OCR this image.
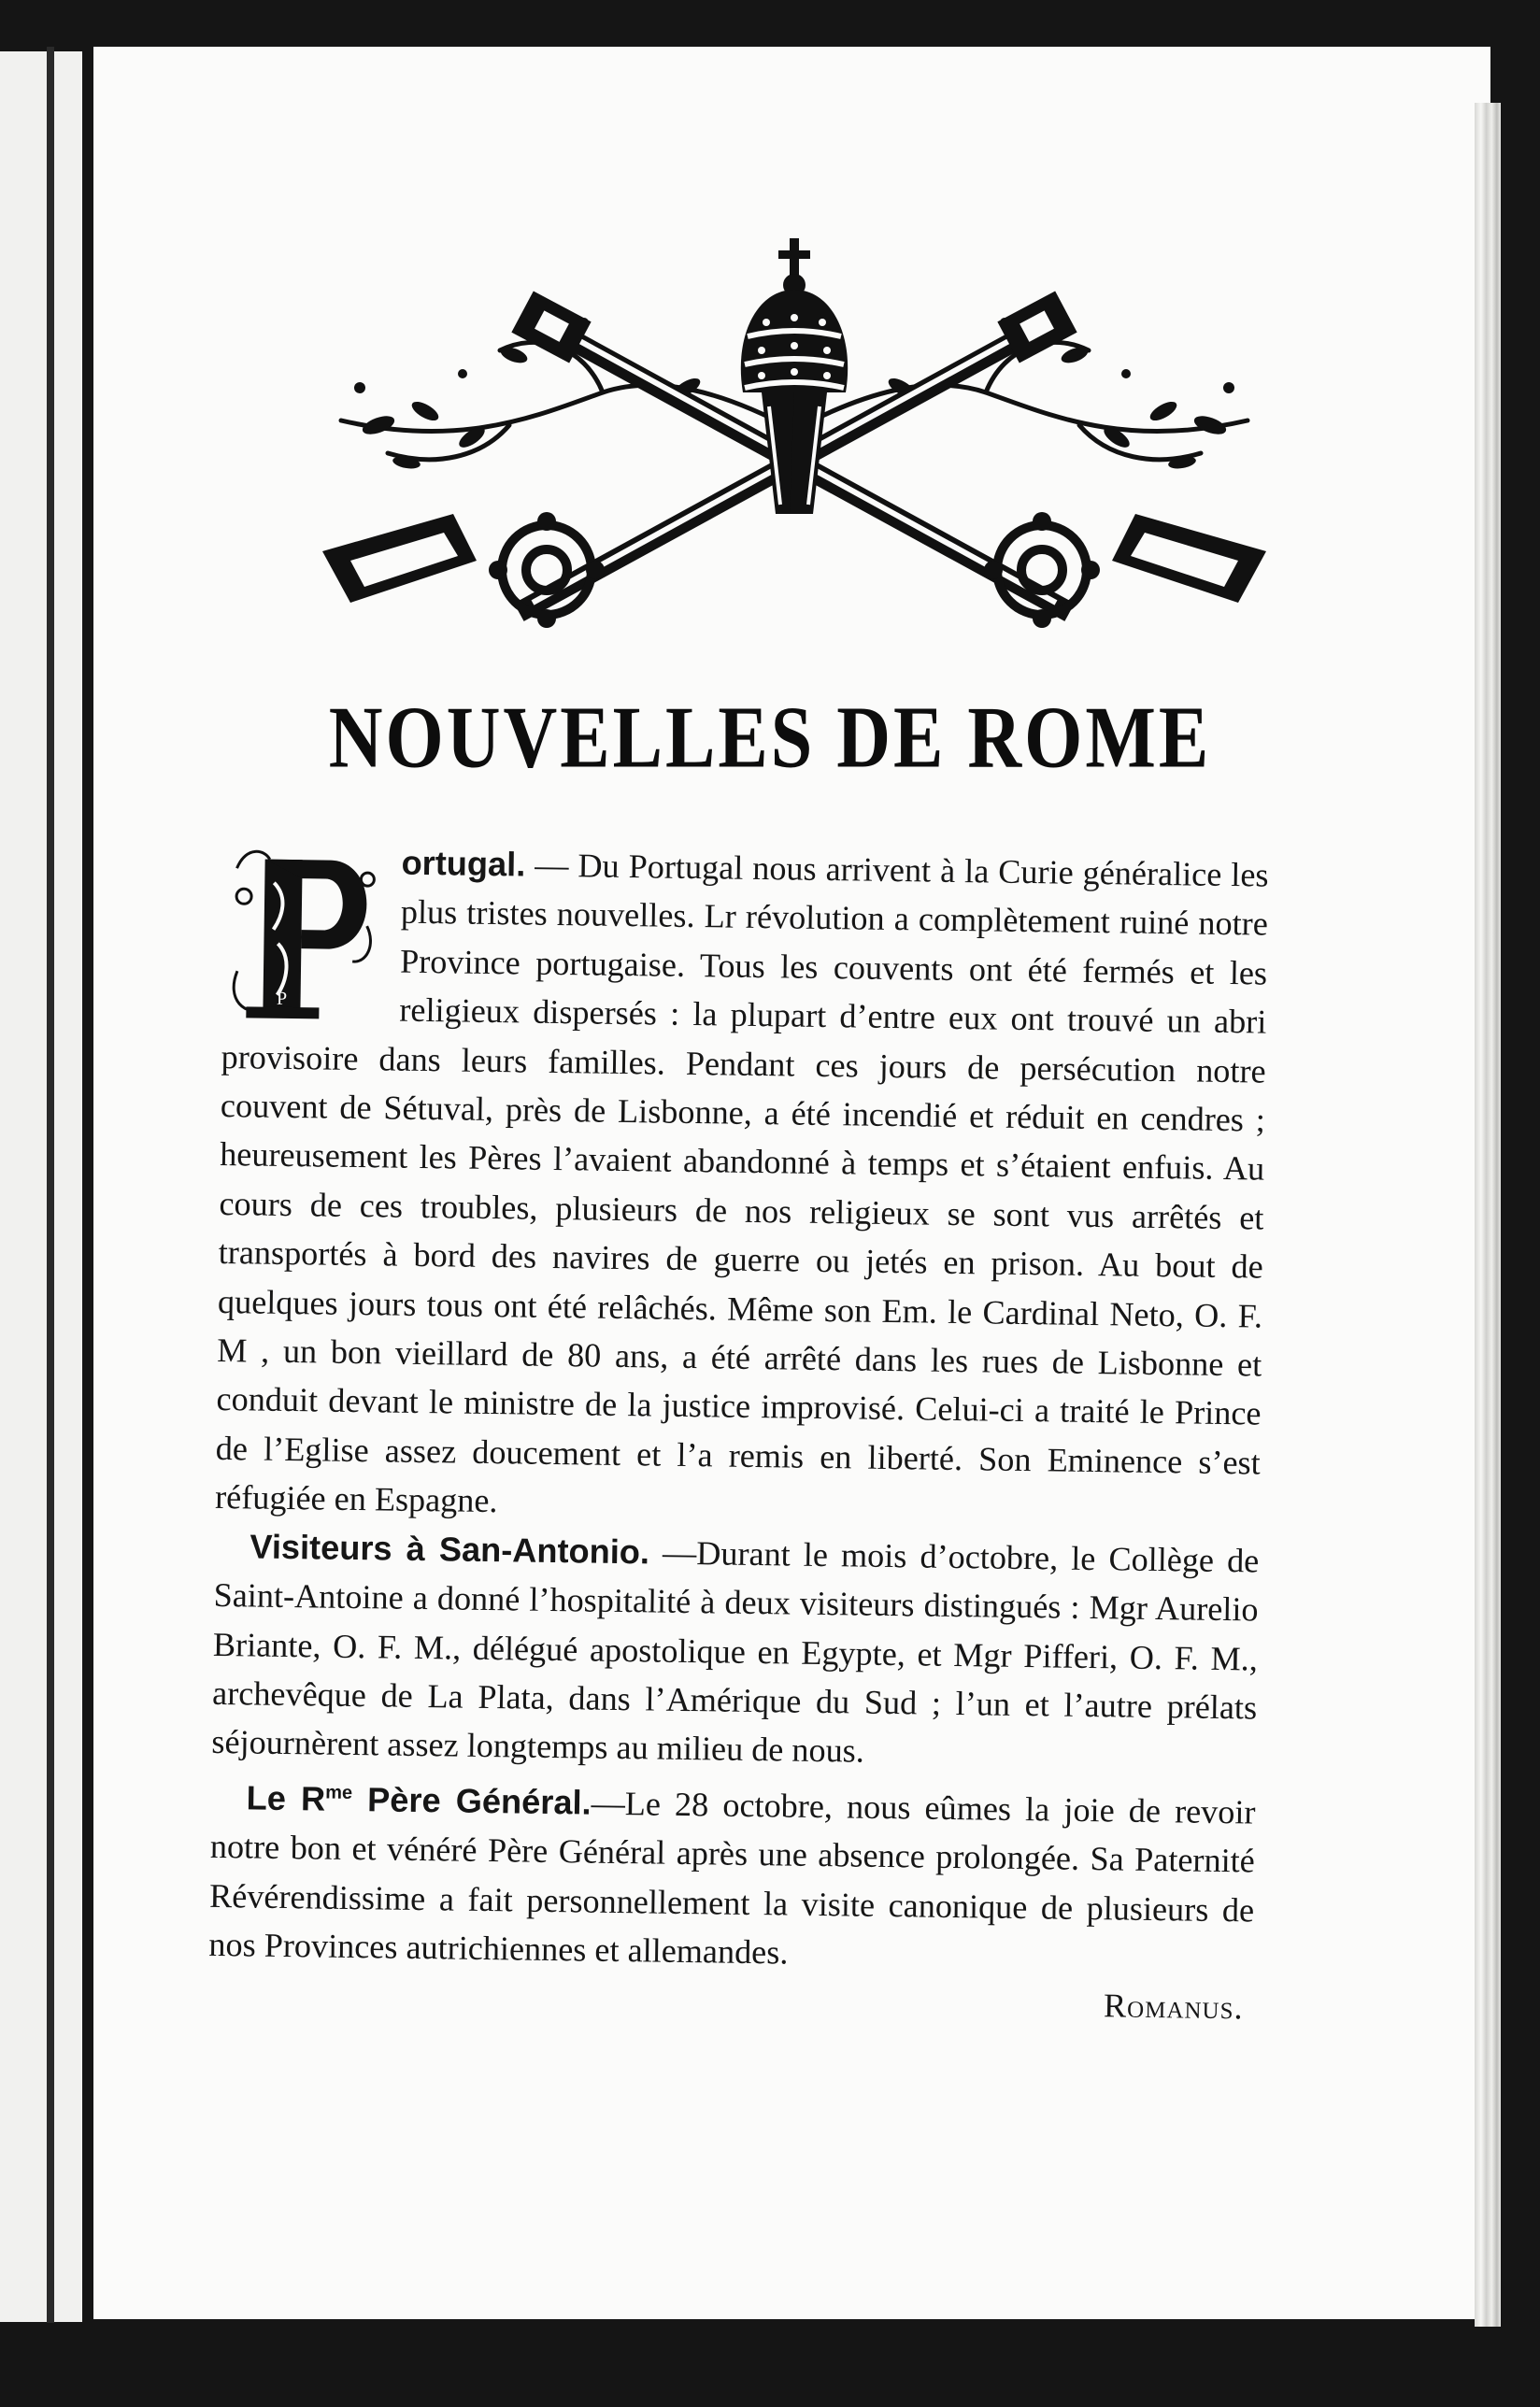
NOUVELLES DE ROME

P
ortugal. — Du Portugal nous arrivent à la Curie généralice les plus tristes nouvelles. Lr révolution a complètement ruiné notre Province portugaise. Tous les couvents ont été fermés et les religieux dispersés : la plupart d’entre eux ont trouvé un abri provisoire dans leurs familles. Pendant ces jours de persécution notre couvent de Sétuval, près de Lisbonne, a été incendié et réduit en cendres ; heureusement les Pères l’avaient abandonné à temps et s’étaient enfuis. Au cours de ces troubles, plusieurs de nos religieux se sont vus arrêtés et transportés à bord des navires de guerre ou jetés en prison. Au bout de quelques jours tous ont été relâchés. Même son Em. le Cardinal Neto, O. F. M , un bon vieillard de 80 ans, a été arrêté dans les rues de Lisbonne et conduit devant le ministre de la justice improvisé. Celui-ci a traité le Prince de l’Eglise assez doucement et l’a remis en liberté. Son Eminence s’est réfugiée en Espagne.

Visiteurs à San-Antonio. —Durant le mois d’octobre, le Collège de Saint-Antoine a donné l’hospitalité à deux visiteurs distingués : Mgr Aurelio Briante, O. F. M., délégué apostolique en Egypte, et Mgr Pifferi, O. F. M., archevêque de La Plata, dans l’Amérique du Sud ; l’un et l’autre prélats séjournèrent assez longtemps au milieu de nous.

Le $R^{me}$ Père Général.—Le 28 octobre, nous eûmes la joie de revoir notre bon et vénéré Père Général après une absence prolongée. Sa Paternité Révérendissime a fait personnellement la visite canonique de plusieurs de nos Provinces autrichiennes et allemandes.

Romanus.
